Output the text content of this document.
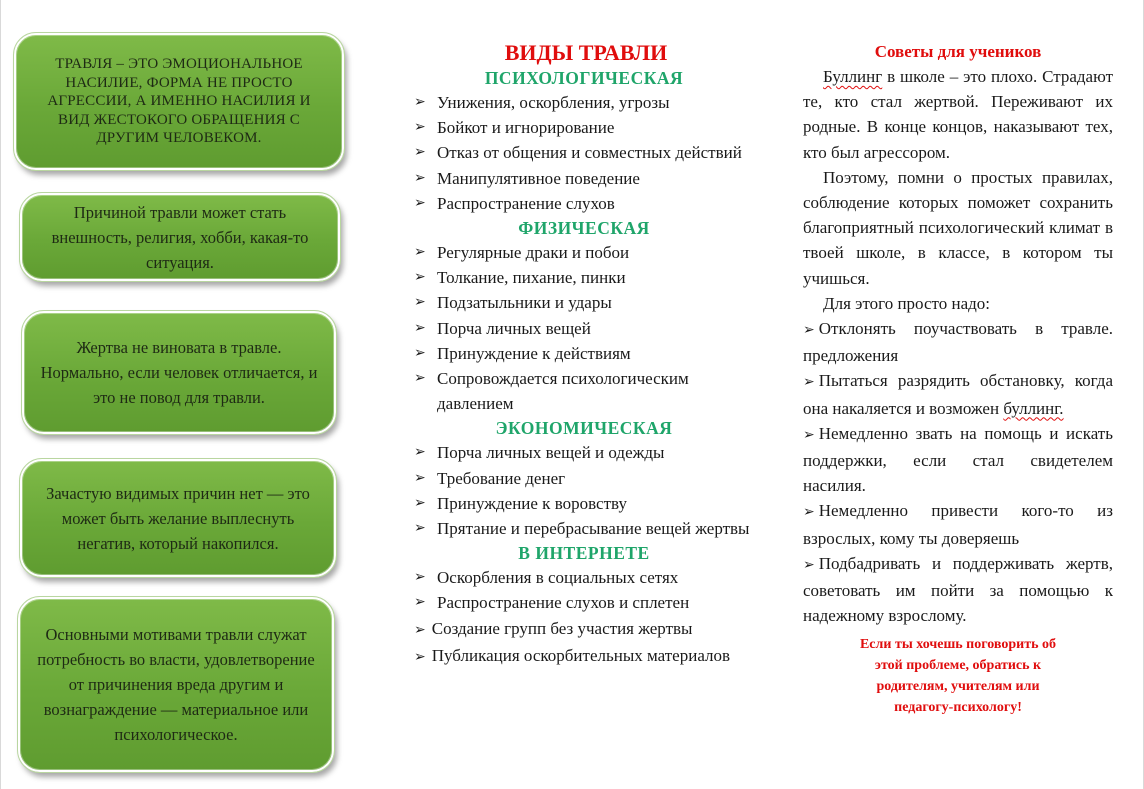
ТРАВЛЯ – ЭТО ЭМОЦИОНАЛЬНОЕ НАСИЛИЕ, ФОРМА НЕ ПРОСТО АГРЕССИИ, А ИМЕННО НАСИЛИЯ И ВИД ЖЕСТОКОГО ОБРАЩЕНИЯ С ДРУГИМ ЧЕЛОВЕКОМ.
Причиной травли может стать внешность, религия, хобби, какая-то ситуация.
Жертва не виновата в травле. Нормально, если человек отличается, и это не повод для травли.
Зачастую видимых причин нет — это может быть желание выплеснуть негатив, который накопился.
Основными мотивами травли служат потребность во власти, удовлетворение от причинения вреда другим и вознаграждение — материальное или психологическое.
ВИДЫ ТРАВЛИ
ПСИХОЛОГИЧЕСКАЯ
➢ Унижения, оскорбления, угрозы
➢ Бойкот и игнорирование
➢ Отказ от общения и совместных действий
➢ Манипулятивное поведение
➢ Распространение слухов
ФИЗИЧЕСКАЯ
➢ Регулярные драки и побои
➢ Толкание, пихание, пинки
➢ Подзатыльники и удары
➢ Порча личных вещей
➢ Принуждение к действиям
➢ Сопровождается психологическим давлением
ЭКОНОМИЧЕСКАЯ
➢ Порча личных вещей и одежды
➢ Требование денег
➢ Принуждение к воровству
➢ Прятание и перебрасывание вещей жертвы
В ИНТЕРНЕТЕ
➢ Оскорбления в социальных сетях
➢ Распространение слухов и сплетен
➢ Создание групп без участия жертвы
➢ Публикация оскорбительных материалов
Советы для учеников

Буллинг в школе – это плохо. Страдают те, кто стал жертвой. Переживают их родные. В конце концов, наказывают тех, кто был агрессором.

Поэтому, помни о простых правилах, соблюдение которых поможет сохранить благоприятный психологический климат в твоей школе, в классе, в котором ты учишься.

Для этого просто надо:

➢ Отклонять поучаствовать в травле. предложения
➢ Пытаться разрядить обстановку, когда она накаляется и возможен буллинг.
➢ Немедленно звать на помощь и искать поддержки, если стал свидетелем насилия.
➢ Немедленно привести кого-то из взрослых, кому ты доверяешь
➢ Подбадривать и поддерживать жертв, советовать им пойти за помощью к надежному взрослому.
Если ты хочешь поговорить об
этой проблеме, обратись к
родителям, учителям или
педагогу-психологу!
